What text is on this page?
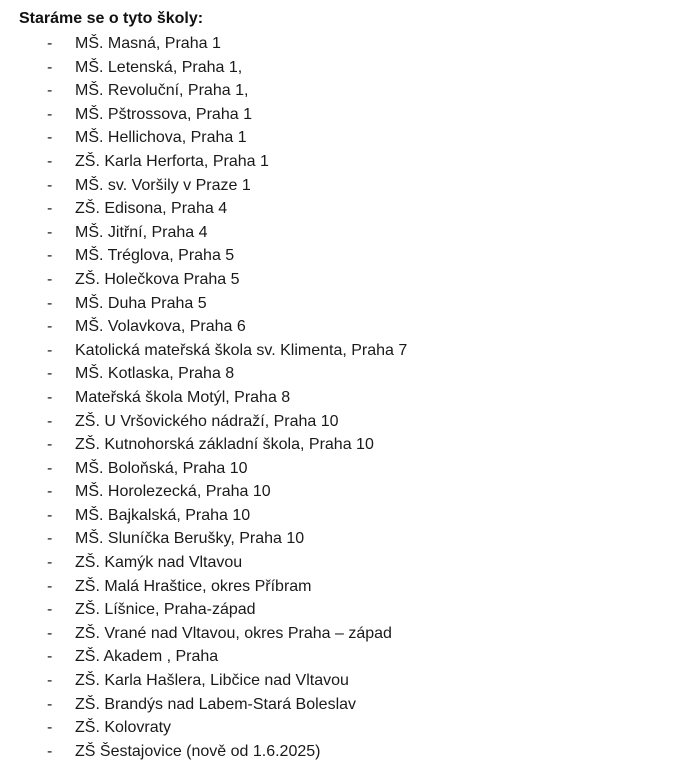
Staráme se o tyto školy:
- MŠ. Masná, Praha 1
- MŠ. Letenská, Praha 1,
- MŠ. Revoluční, Praha 1,
- MŠ. Pštrossova, Praha 1
- MŠ. Hellichova, Praha 1
- ZŠ. Karla Herforta, Praha 1
- MŠ. sv. Voršily v Praze 1
- ZŠ. Edisona, Praha 4
- MŠ. Jitřní, Praha 4
- MŠ. Tréglova, Praha 5
- ZŠ. Holečkova Praha 5
- MŠ. Duha Praha 5
- MŠ. Volavkova, Praha 6
- Katolická mateřská škola sv. Klimenta, Praha 7
- MŠ. Kotlaska, Praha 8
- Mateřská škola Motýl, Praha 8
- ZŠ. U Vršovického nádraží, Praha 10
- ZŠ. Kutnohorská základní škola, Praha 10
- MŠ. Boloňská, Praha 10
- MŠ. Horolezecká, Praha 10
- MŠ. Bajkalská, Praha 10
- MŠ. Sluníčka Berušky, Praha 10
- ZŠ. Kamýk nad Vltavou
- ZŠ. Malá Hraštice, okres Příbram
- ZŠ. Líšnice, Praha-západ
- ZŠ. Vrané nad Vltavou, okres Praha – západ
- ZŠ. Akadem , Praha
- ZŠ. Karla Hašlera, Libčice nad Vltavou
- ZŠ. Brandýs nad Labem-Stará Boleslav
- ZŠ. Kolovraty
- ZŠ Šestajovice (nově od 1.6.2025)
